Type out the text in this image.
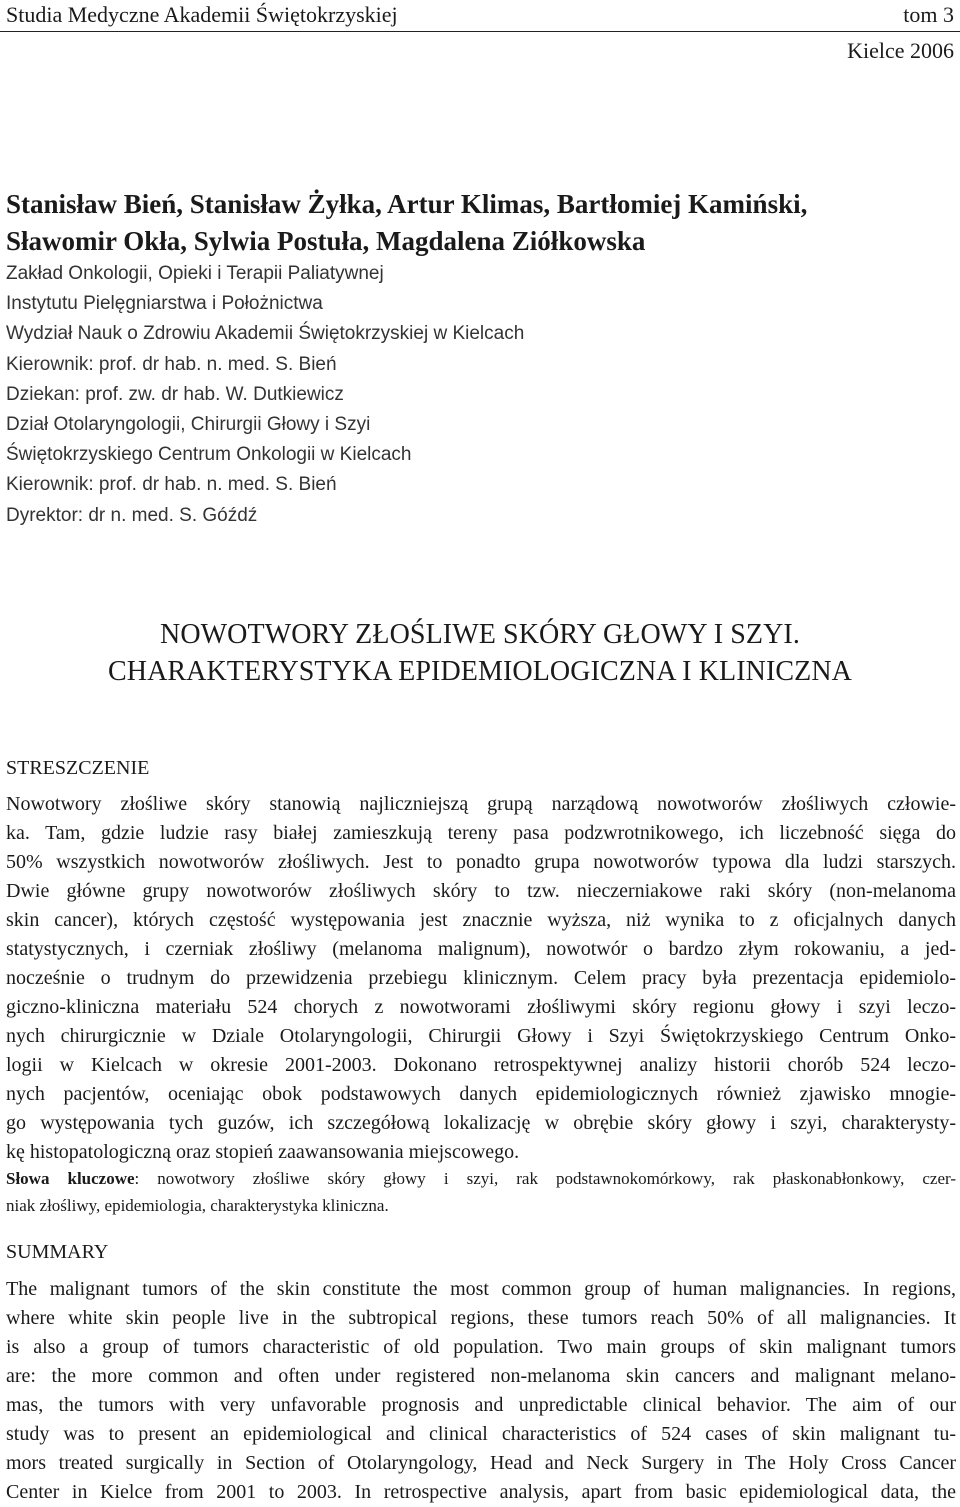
Studia Medyczne Akademii Świętokrzyskiej	tom 3
Kielce 2006
Stanisław Bień, Stanisław Żyłka, Artur Klimas, Bartłomiej Kamiński,
Sławomir Okła, Sylwia Postuła, Magdalena Ziółkowska
Zakład Onkologii, Opieki i Terapii Paliatywnej
Instytutu Pielęgniarstwa i Położnictwa
Wydział Nauk o Zdrowiu Akademii Świętokrzyskiej w Kielcach
Kierownik: prof. dr hab. n. med. S. Bień
Dziekan: prof. zw. dr hab. W. Dutkiewicz
Dział Otolaryngologii, Chirurgii Głowy i Szyi
Świętokrzyskiego Centrum Onkologii w Kielcach
Kierownik: prof. dr hab. n. med. S. Bień
Dyrektor: dr n. med. S. Góźdź
NOWOTWORY ZŁOŚLIWE SKÓRY GŁOWY I SZYI.
CHARAKTERYSTYKA EPIDEMIOLOGICZNA I KLINICZNA
STRESZCZENIE
Nowotwory złośliwe skóry stanowią najliczniejszą grupą narządową nowotworów złośliwych człowie-
ka. Tam, gdzie ludzie rasy białej zamieszkują tereny pasa podzwrotnikowego, ich liczebność sięga do
50% wszystkich nowotworów złośliwych. Jest to ponadto grupa nowotworów typowa dla ludzi starszych.
Dwie główne grupy nowotworów złośliwych skóry to tzw. nieczerniakowe raki skóry (non-melanoma
skin cancer), których częstość występowania jest znacznie wyższa, niż wynika to z oficjalnych danych
statystycznych, i czerniak złośliwy (melanoma malignum), nowotwór o bardzo złym rokowaniu, a jed-
nocześnie o trudnym do przewidzenia przebiegu klinicznym. Celem pracy była prezentacja epidemiolo-
giczno-kliniczna materiału 524 chorych z nowotworami złośliwymi skóry regionu głowy i szyi leczo-
nych chirurgicznie w Dziale Otolaryngologii, Chirurgii Głowy i Szyi Świętokrzyskiego Centrum Onko-
logii w Kielcach w okresie 2001-2003. Dokonano retrospektywnej analizy historii chorób 524 leczo-
nych pacjentów, oceniając obok podstawowych danych epidemiologicznych również zjawisko mnogie-
go występowania tych guzów, ich szczegółową lokalizację w obrębie skóry głowy i szyi, charakterysty-
kę histopatologiczną oraz stopień zaawansowania miejscowego.
Słowa kluczowe: nowotwory złośliwe skóry głowy i szyi, rak podstawnokomórkowy, rak płaskonabłonkowy, czer-
niak złośliwy, epidemiologia, charakterystyka kliniczna.
SUMMARY
The malignant tumors of the skin constitute the most common group of human malignancies. In regions,
where white skin people live in the subtropical regions, these tumors reach 50% of all malignancies. It
is also a group of tumors characteristic of old population. Two main groups of skin malignant tumors
are: the more common and often under registered non-melanoma skin cancers and malignant melano-
mas, the tumors with very unfavorable prognosis and unpredictable clinical behavior. The aim of our
study was to present an epidemiological and clinical characteristics of 524 cases of skin malignant tu-
mors treated surgically in Section of Otolaryngology, Head and Neck Surgery in The Holy Cross Cancer
Center in Kielce from 2001 to 2003. In retrospective analysis, apart from basic epidemiological data, the
